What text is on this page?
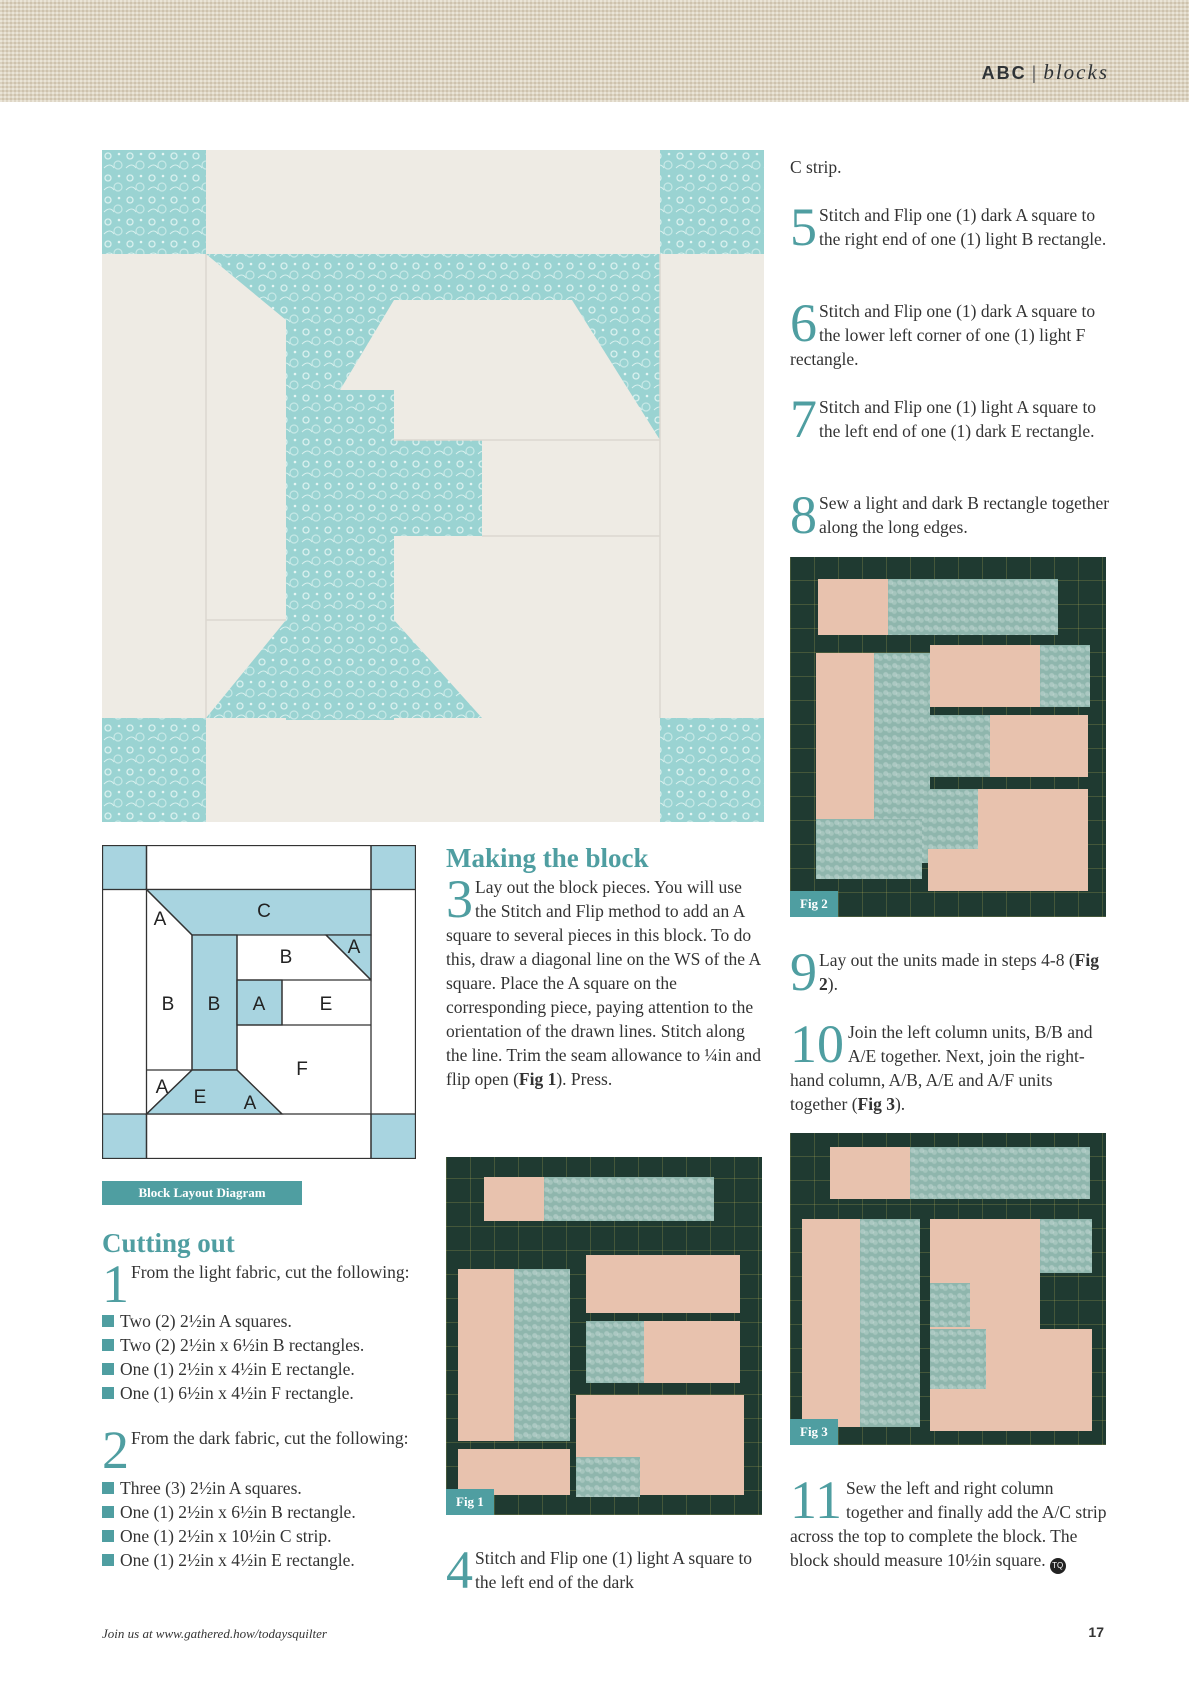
ABC | blocks
A	C
B	A
B B A	E
F
A E A
Block Layout Diagram
Cutting out
1 From the light fabric, cut the following:
Two (2) 2½in A squares.
Two (2) 2½in x 6½in B rectangles.
One (1) 2½in x 4½in E rectangle.
One (1) 6½in x 4½in F rectangle.
2 From the dark fabric, cut the following:
Three (3) 2½in A squares.
One (1) 2½in x 6½in B rectangle.
One (1) 2½in x 10½in C strip.
One (1) 2½in x 4½in E rectangle.
Making the block
3 Lay out the block pieces. You will use the Stitch and Flip method to add an A square to several pieces in this block. To do this, draw a diagonal line on the WS of the A square. Place the A square on the corresponding piece, paying attention to the orientation of the drawn lines. Stitch along the line. Trim the seam allowance to ¼in and flip open (Fig 1). Press.
Fig 1
4 Stitch and Flip one (1) light A square to the left end of the dark
C strip.
5 Stitch and Flip one (1) dark A square to the right end of one (1) light B rectangle.
6 Stitch and Flip one (1) dark A square to the lower left corner of one (1) light F rectangle.
7 Stitch and Flip one (1) light A square to the left end of one (1) dark E rectangle.
8 Sew a light and dark B rectangle together along the long edges.
Fig 2
9 Lay out the units made in steps 4-8 (Fig 2).
10 Join the left column units, B/B and A/E together. Next, join the right-hand column, A/B, A/E and A/F units together (Fig 3).
Fig 3
11 Sew the left and right column together and finally add the A/C strip across the top to complete the block. The block should measure 10½in square. TQ
Join us at www.gathered.how/todaysquilter	17
